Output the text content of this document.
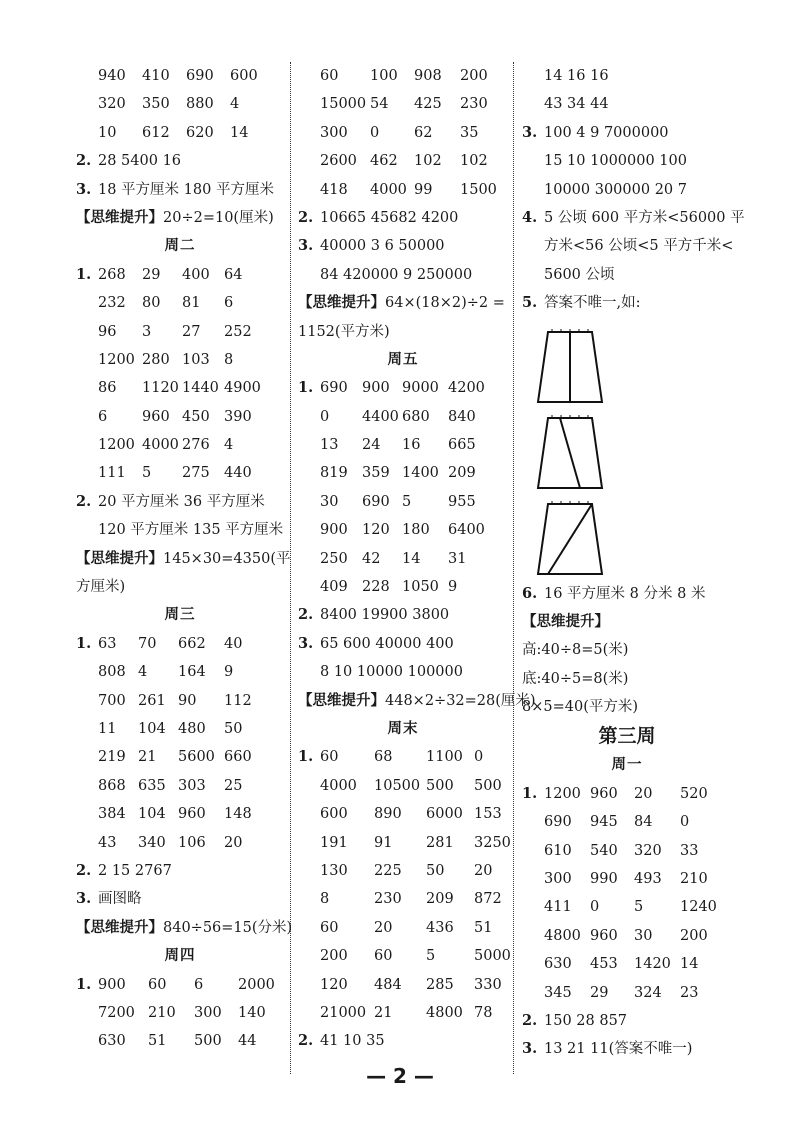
940 410 690 600
320 350 880 4
10 612 620 14
2. 28 5400 16
3. 18 平方厘米 180 平方厘米
【思维提升】20÷2=10(厘米)
周二
1. 268 29 400 64
232 80 81 6
96 3 27 252
1200 280 103 8
86 1120 1440 4900
6 960 450 390
1200 4000 276 4
111 5 275 440
2. 20 平方厘米 36 平方厘米
120 平方厘米 135 平方厘米
【思维提升】145×30=4350(平
方厘米)
周三
1. 63 70 662 40
808 4 164 9
700 261 90 112
11 104 480 50
219 21 5600 660
868 635 303 25
384 104 960 148
43 340 106 20
2. 2 15 2767
3. 画图略
【思维提升】840÷56=15(分米)
周四
1. 900 60 6 2000
7200 210 300 140
630 51 500 44
60 100 908 200
15000 54 425 230
300 0 62 35
2600 462 102 102
418 4000 99 1500
2. 10665 45682 4200
3. 40000 3 6 50000
84 420000 9 250000
【思维提升】64×(18×2)÷2 =
1152(平方米)
周五
1. 690 900 9000 4200
0 4400 680 840
13 24 16 665
819 359 1400 209
30 690 5	955
900 120 180 6400
250 42 14 31
409 228 1050 9
2. 8400 19900 3800
3. 65 600 40000 400
8 10 10000 100000
【思维提升】448×2÷32=28(厘米)
周末
1. 60 68 1100 0
4000 10500 500 500
600 890 6000 153
191 91 281 3250
130 225 50 20
8	230 209 872
60 20 436 51
200 60 5	5000
120 484 285 330
21000 21 4800 78
2. 41 10 35
14 16 16
43 34 44
3. 100 4 9 7000000
15 10 1000000 100
10000 300000 20 7
4. 5 公顷 600 平方米<56000 平
方米<56 公顷<5 平方千米<
5600 公顷
5. 答案不唯一,如:
6. 16 平方厘米 8 分米 8 米
【思维提升】
高:40÷8=5(米)
底:40÷5=8(米)
8×5=40(平方米)
第三周
周一
1. 1200 960 20 520
690 945 84 0
610 540 320 33
300 990 493 210
411 0 5	1240
4800 960 30 200
630 453 1420 14
345 29 324 23
2. 150 28 857
3. 13 21 11(答案不唯一)
— 2 —
